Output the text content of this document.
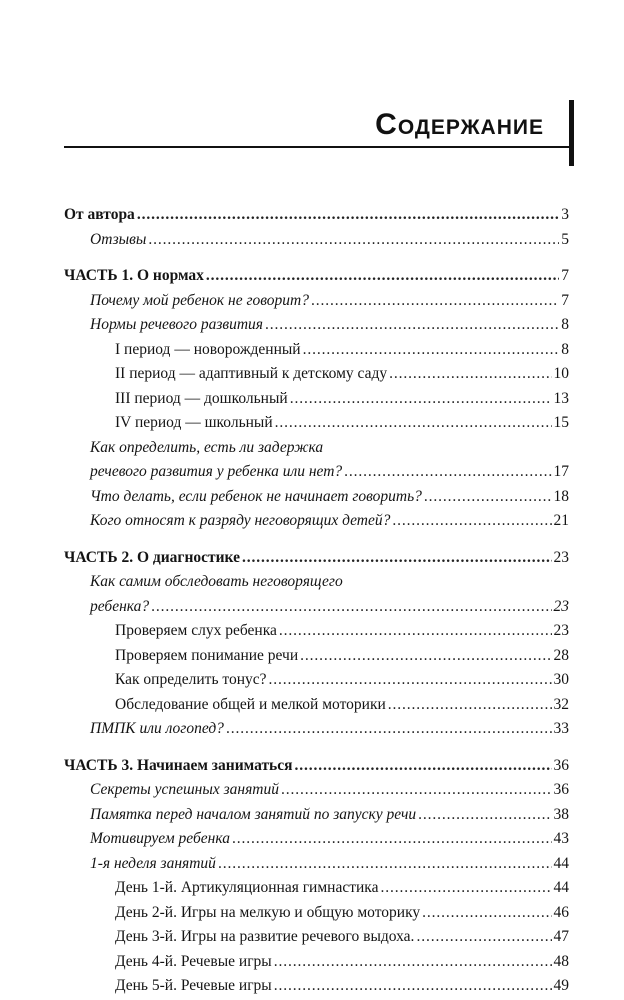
Содержание
От автора . . .	3
Отзывы . . .	5
ЧАСТЬ 1. О нормах . . .	7
Почему мой ребенок не говорит? . . .	7
Нормы речевого развития . . .	8
I период — новорожденный . . .	8
II период — адаптивный к детскому саду . . .	10
III период — дошкольный . . .	13
IV период — школьный . . .	15
Как определить, есть ли задержка
речевого развития у ребенка или нет? . . .	17
Что делать, если ребенок не начинает говорить? . . .	18
Кого относят к разряду неговорящих детей? . . .	21
ЧАСТЬ 2. О диагностике . . .	23
Как самим обследовать неговорящего
ребенка? . . .	23
Проверяем слух ребенка . . .	23
Проверяем понимание речи . . .	28
Как определить тонус? . . .	30
Обследование общей и мелкой моторики . . .	32
ПМПК или логопед? . . .	33
ЧАСТЬ 3. Начинаем заниматься . . .	36
Секреты успешных занятий . . .	36
Памятка перед началом занятий по запуску речи . . .	38
Мотивируем ребенка . . .	43
1-я неделя занятий . . .	44
День 1-й. Артикуляционная гимнастика . . .	44
День 2-й. Игры на мелкую и общую моторику . . .	46
День 3-й. Игры на развитие речевого выдоха. . . .	47
День 4-й. Речевые игры . . .	48
День 5-й. Речевые игры . . .	49
